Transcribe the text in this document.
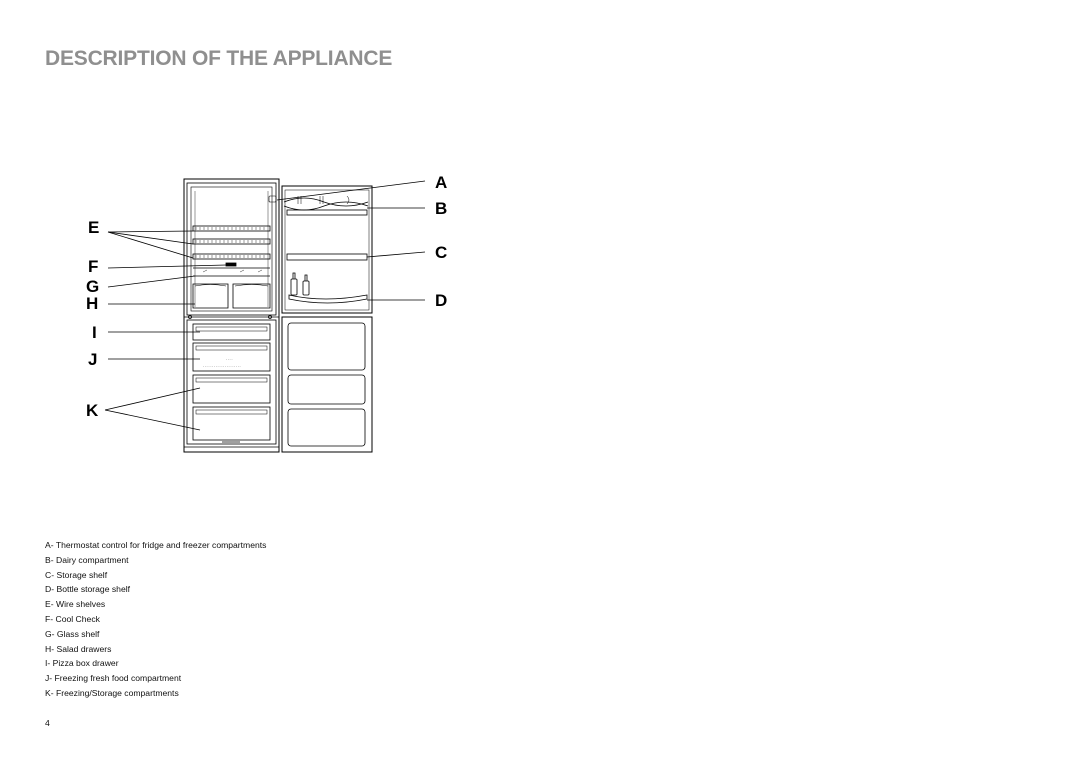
DESCRIPTION OF THE APPLIANCE
- - - -
- - - - - - - - - - - - - - - - - - - - -
A
B
C
D
E
F
G
H
I
J
K
A- Thermostat control for fridge and freezer compartments
B- Dairy compartment
C- Storage shelf
D- Bottle storage shelf
E- Wire shelves
F- Cool Check
G- Glass shelf
H- Salad drawers
I- Pizza box drawer
J- Freezing fresh food compartment
K- Freezing/Storage compartments
4
